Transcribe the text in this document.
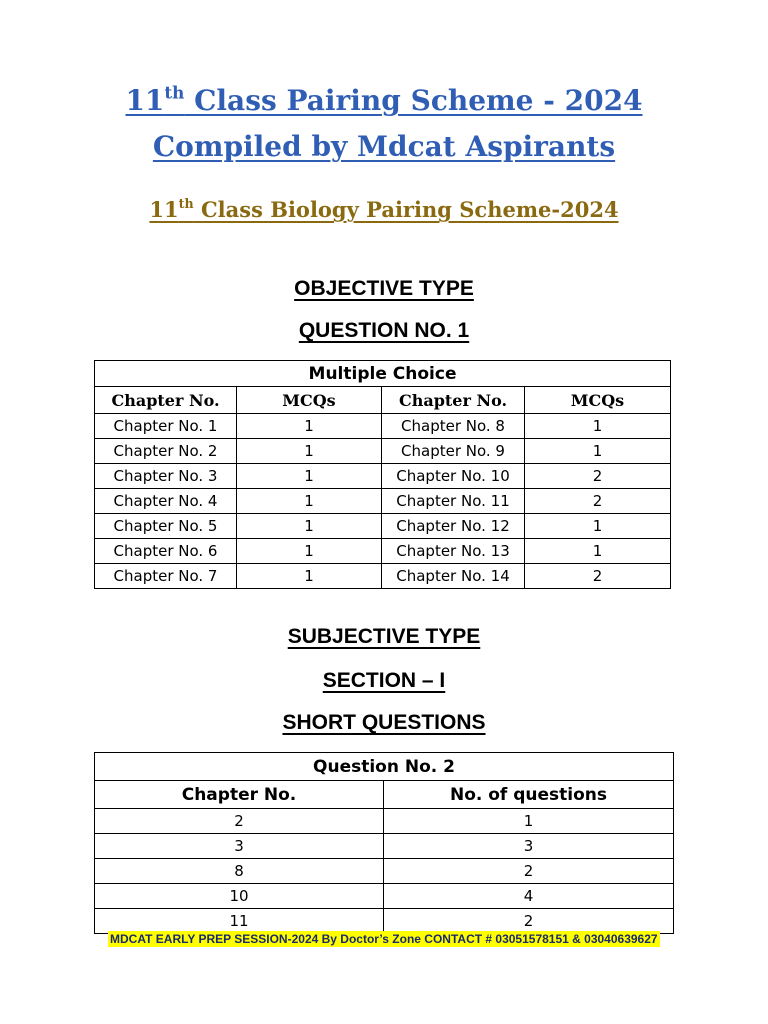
11th Class Pairing Scheme - 2024
Compiled by Mdcat Aspirants
11th Class Biology Pairing Scheme-2024
OBJECTIVE TYPE
QUESTION NO. 1
Multiple Choice			
Chapter No.	MCQs	Chapter No.	MCQs
Chapter No. 1	1	Chapter No. 8	1
Chapter No. 2	1	Chapter No. 9	1
Chapter No. 3	1	Chapter No. 10	2
Chapter No. 4	1	Chapter No. 11	2
Chapter No. 5	1	Chapter No. 12	1
Chapter No. 6	1	Chapter No. 13	1
Chapter No. 7	1	Chapter No. 14	2
SUBJECTIVE TYPE
SECTION – I
SHORT QUESTIONS
Question No. 2	
Chapter No.	No. of questions
2	1
3	3
8	2
10	4
11	2
MDCAT EARLY PREP SESSION-2024 By Doctor’s Zone CONTACT # 03051578151 & 03040639627
